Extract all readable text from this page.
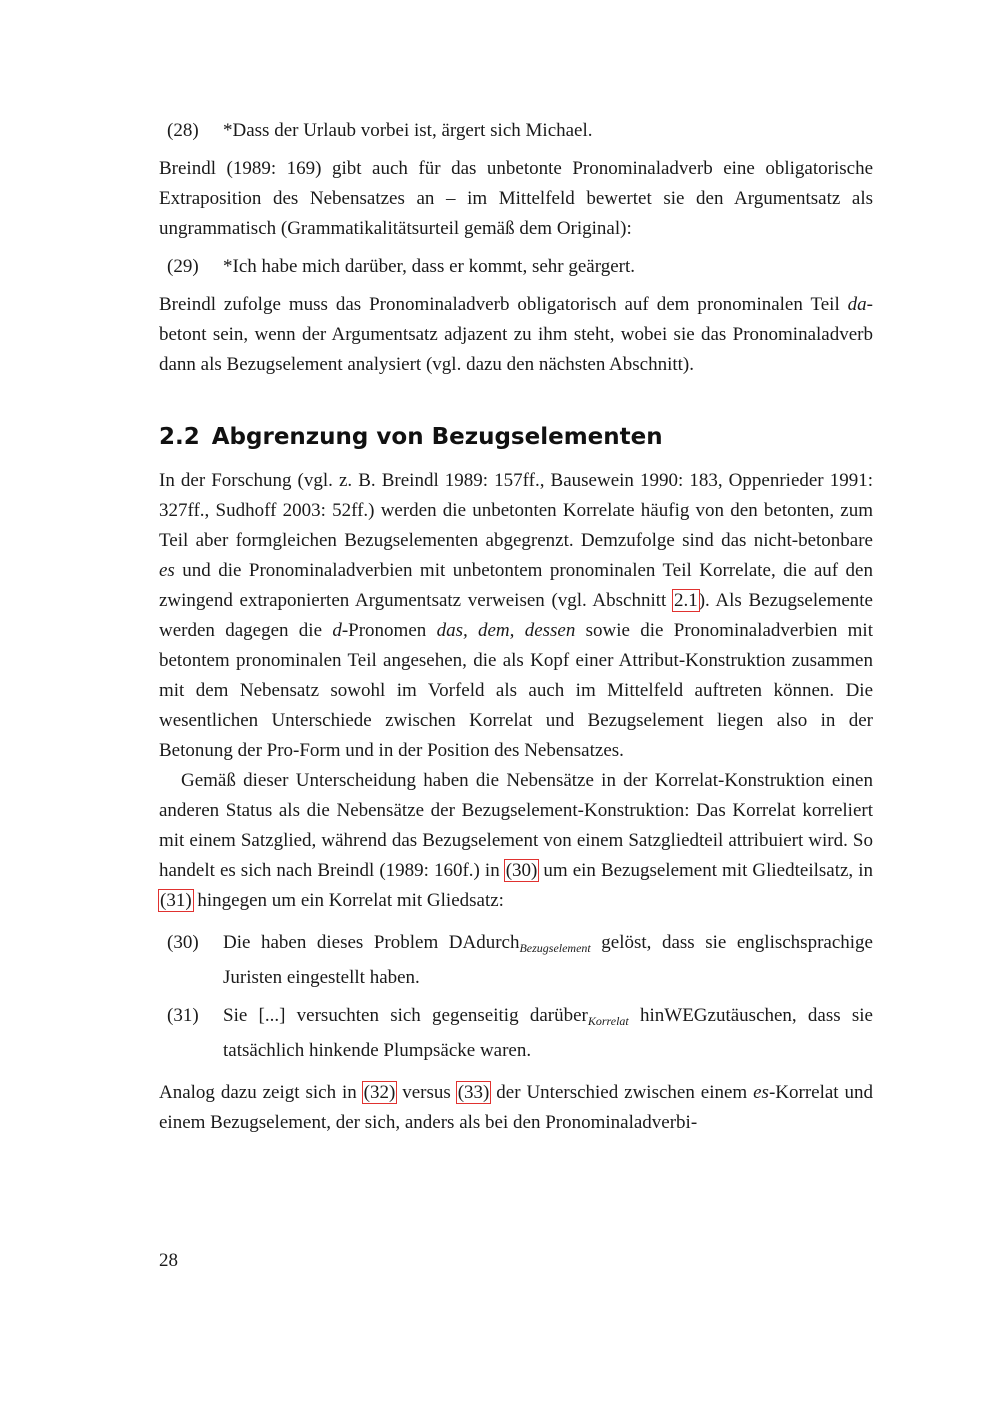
(28)	*Dass der Urlaub vorbei ist, ärgert sich Michael.

Breindl (1989: 169) gibt auch für das unbetonte Pronominaladverb eine obligatorische Extraposition des Nebensatzes an – im Mittelfeld bewertet sie den Argumentsatz als ungrammatisch (Grammatikalitätsurteil gemäß dem Original):

(29)	*Ich habe mich darüber, dass er kommt, sehr geärgert.

Breindl zufolge muss das Pronominaladverb obligatorisch auf dem pronominalen Teil da- betont sein, wenn der Argumentsatz adjazent zu ihm steht, wobei sie das Pronominaladverb dann als Bezugselement analysiert (vgl. dazu den nächsten Abschnitt).

2.2 Abgrenzung von Bezugselementen

In der Forschung (vgl. z. B. Breindl 1989: 157ff., Bausewein 1990: 183, Oppenrieder 1991: 327ff., Sudhoff 2003: 52ff.) werden die unbetonten Korrelate häufig von den betonten, zum Teil aber formgleichen Bezugselementen abgegrenzt. Demzufolge sind das nicht-betonbare es und die Pronominaladverbien mit unbetontem pronominalen Teil Korrelate, die auf den zwingend extraponierten Argumentsatz verweisen (vgl. Abschnitt 2.1). Als Bezugselemente werden dagegen die d-Pronomen das, dem, dessen sowie die Pronominaladverbien mit betontem pronominalen Teil angesehen, die als Kopf einer Attribut-Konstruktion zusammen mit dem Nebensatz sowohl im Vorfeld als auch im Mittelfeld auftreten können. Die wesentlichen Unterschiede zwischen Korrelat und Bezugselement liegen also in der Betonung der Pro-Form und in der Position des Nebensatzes.

Gemäß dieser Unterscheidung haben die Nebensätze in der Korrelat-Konstruktion einen anderen Status als die Nebensätze der Bezugselement-Konstruktion: Das Korrelat korreliert mit einem Satzglied, während das Bezugselement von einem Satzgliedteil attribuiert wird. So handelt es sich nach Breindl (1989: 160f.) in (30) um ein Bezugselement mit Gliedteilsatz, in (31) hingegen um ein Korrelat mit Gliedsatz:

(30)	Die haben dieses Problem DAdurch$_{Bezugselement}$ gelöst, dass sie englischsprachige Juristen eingestellt haben.
(31)	Sie [...] versuchten sich gegenseitig darüber$_{Korrelat}$ hinWEGzutäuschen, dass sie tatsächlich hinkende Plumpsäcke waren.

Analog dazu zeigt sich in (32) versus (33) der Unterschied zwischen einem es-Korrelat und einem Bezugselement, der sich, anders als bei den Pronominaladverbi-

28
